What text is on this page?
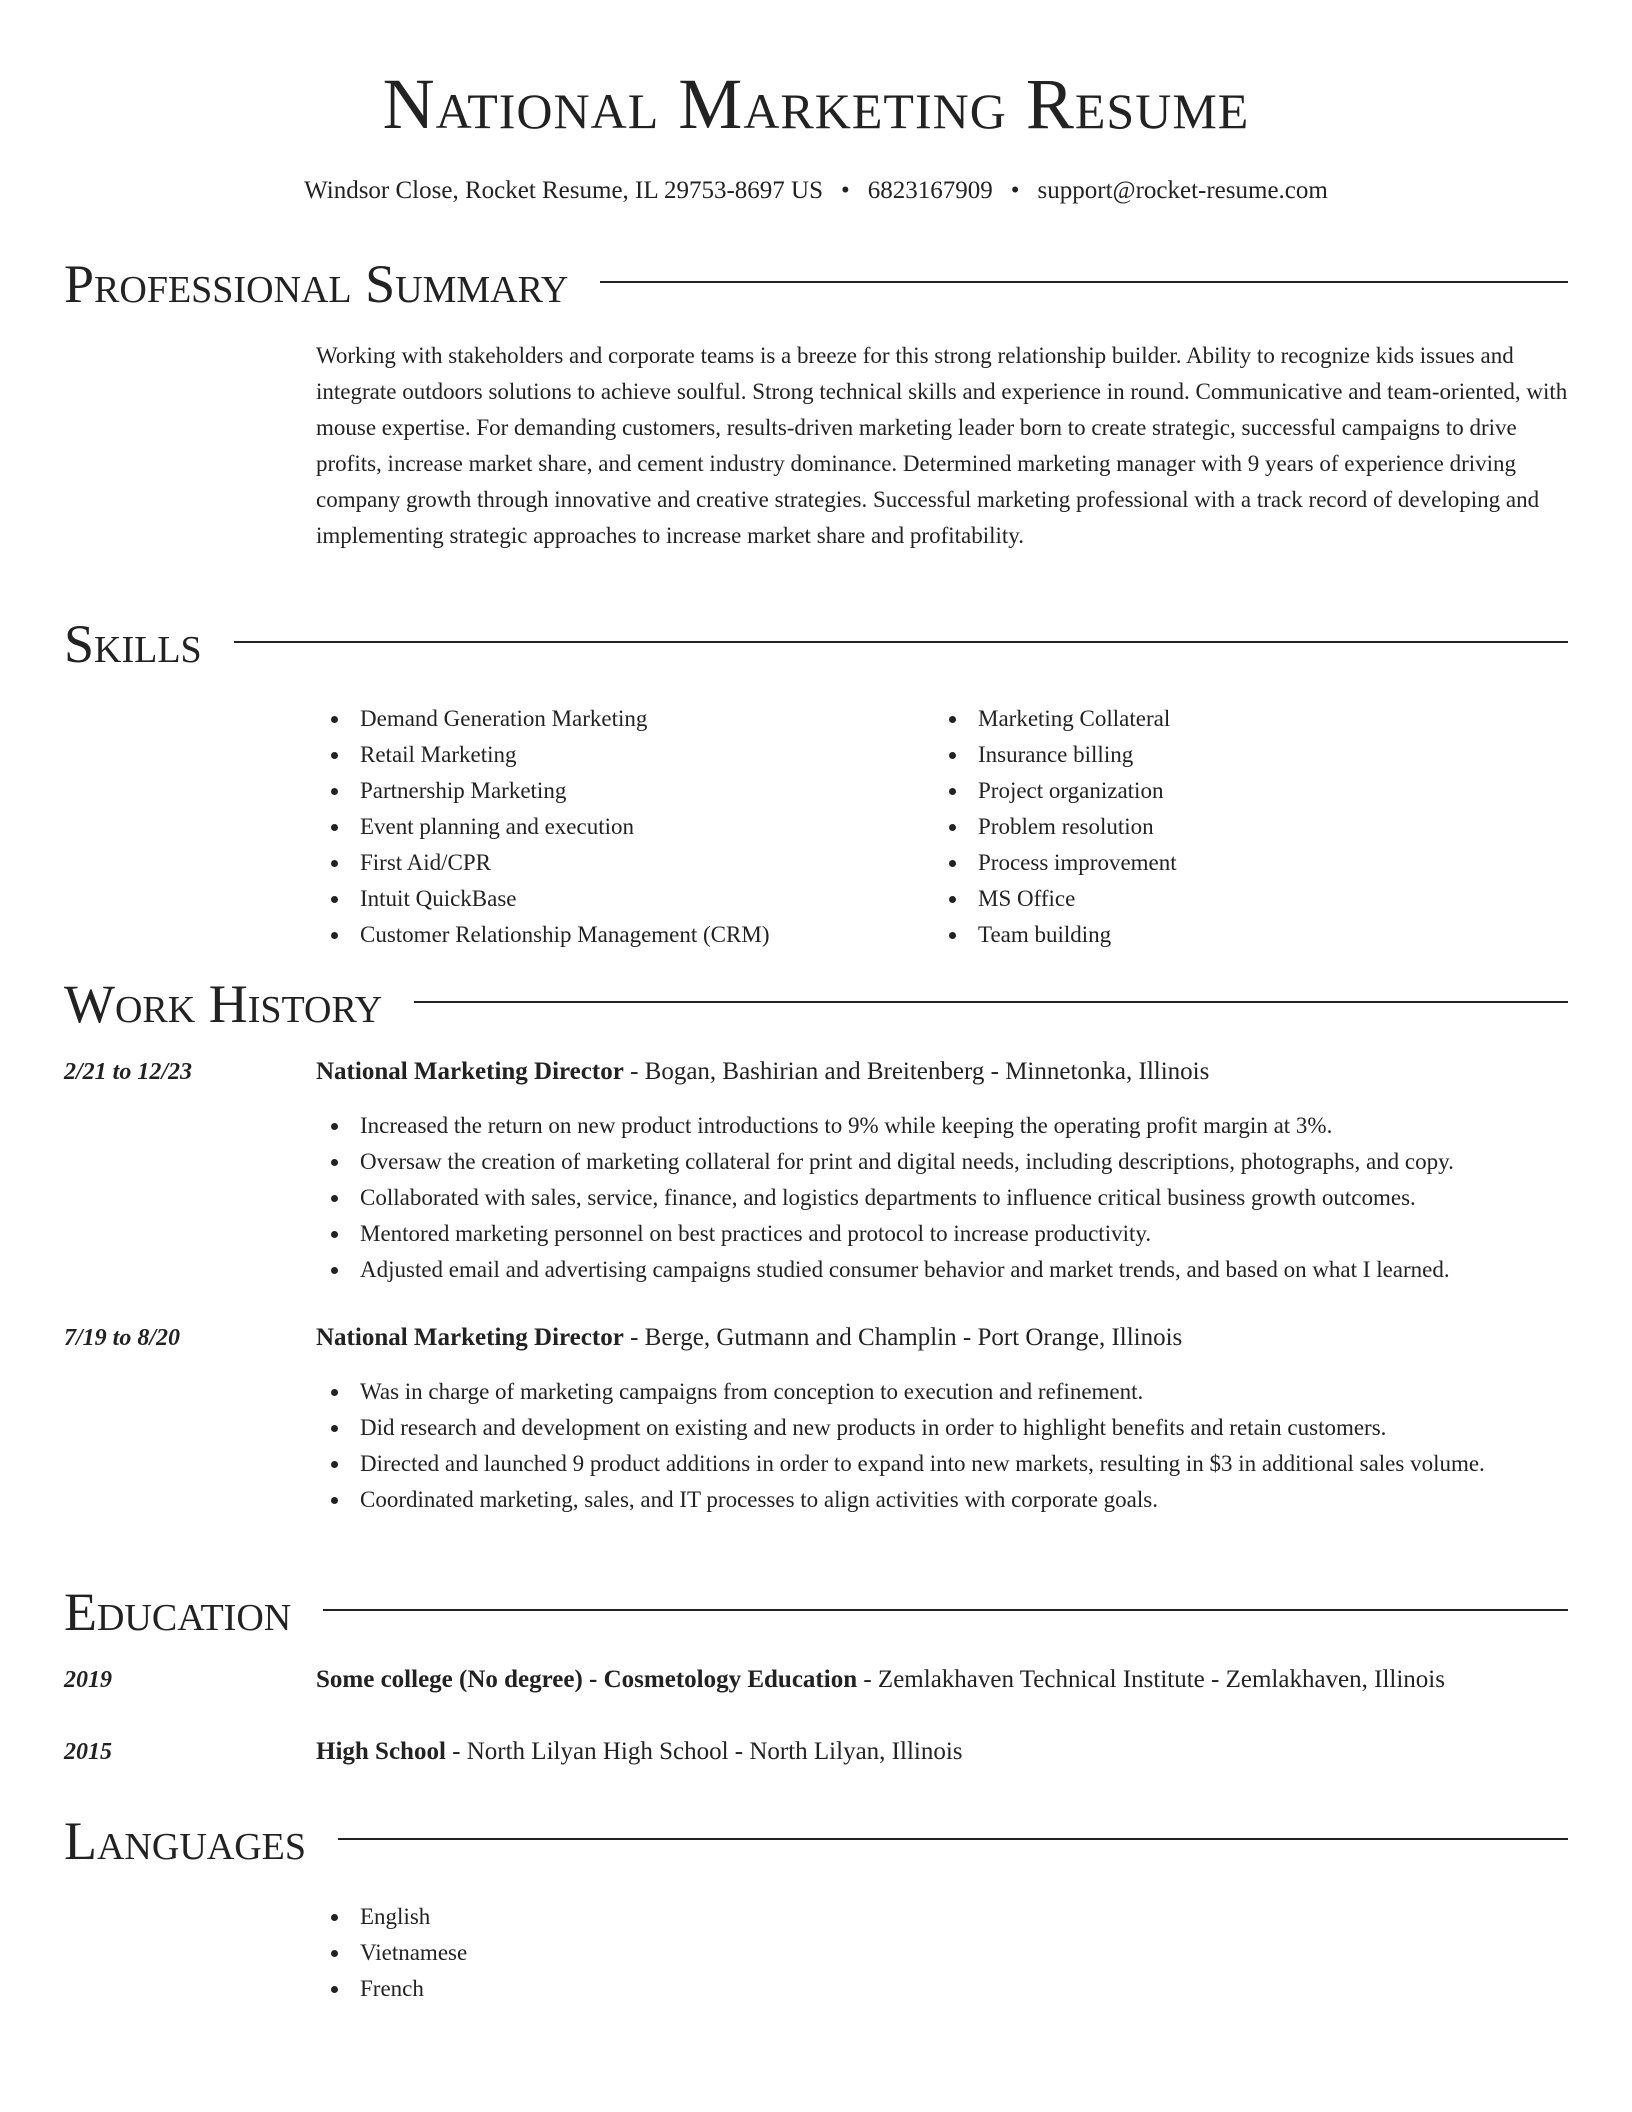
National Marketing Resume
Windsor Close, Rocket Resume, IL 29753-8697 US • 6823167909 • support@rocket-resume.com
Professional Summary

Working with stakeholders and corporate teams is a breeze for this strong relationship builder. Ability to recognize kids issues and integrate outdoors solutions to achieve soulful. Strong technical skills and experience in round. Communicative and team-oriented, with mouse expertise. For demanding customers, results-driven marketing leader born to create strategic, successful campaigns to drive profits, increase market share, and cement industry dominance. Determined marketing manager with 9 years of experience driving company growth through innovative and creative strategies. Successful marketing professional with a track record of developing and implementing strategic approaches to increase market share and profitability.

Skills
Demand Generation Marketing
Retail Marketing
Partnership Marketing
Event planning and execution
First Aid/CPR
Intuit QuickBase
Customer Relationship Management (CRM)
Marketing Collateral
Insurance billing
Project organization
Problem resolution
Process improvement
MS Office
Team building
Work History
2/21 to 12/23	National Marketing Director - Bogan, Bashirian and Breitenberg - Minnetonka, Illinois
Increased the return on new product introductions to 9% while keeping the operating profit margin at 3%.
Oversaw the creation of marketing collateral for print and digital needs, including descriptions, photographs, and copy.
Collaborated with sales, service, finance, and logistics departments to influence critical business growth outcomes.
Mentored marketing personnel on best practices and protocol to increase productivity.
Adjusted email and advertising campaigns studied consumer behavior and market trends, and based on what I learned.
7/19 to 8/20	National Marketing Director - Berge, Gutmann and Champlin - Port Orange, Illinois
Was in charge of marketing campaigns from conception to execution and refinement.
Did research and development on existing and new products in order to highlight benefits and retain customers.
Directed and launched 9 product additions in order to expand into new markets, resulting in $3 in additional sales volume.
Coordinated marketing, sales, and IT processes to align activities with corporate goals.
Education
2019	Some college (No degree) - Cosmetology Education - Zemlakhaven Technical Institute - Zemlakhaven, Illinois
2015	High School - North Lilyan High School - North Lilyan, Illinois
Languages
English
Vietnamese
French
